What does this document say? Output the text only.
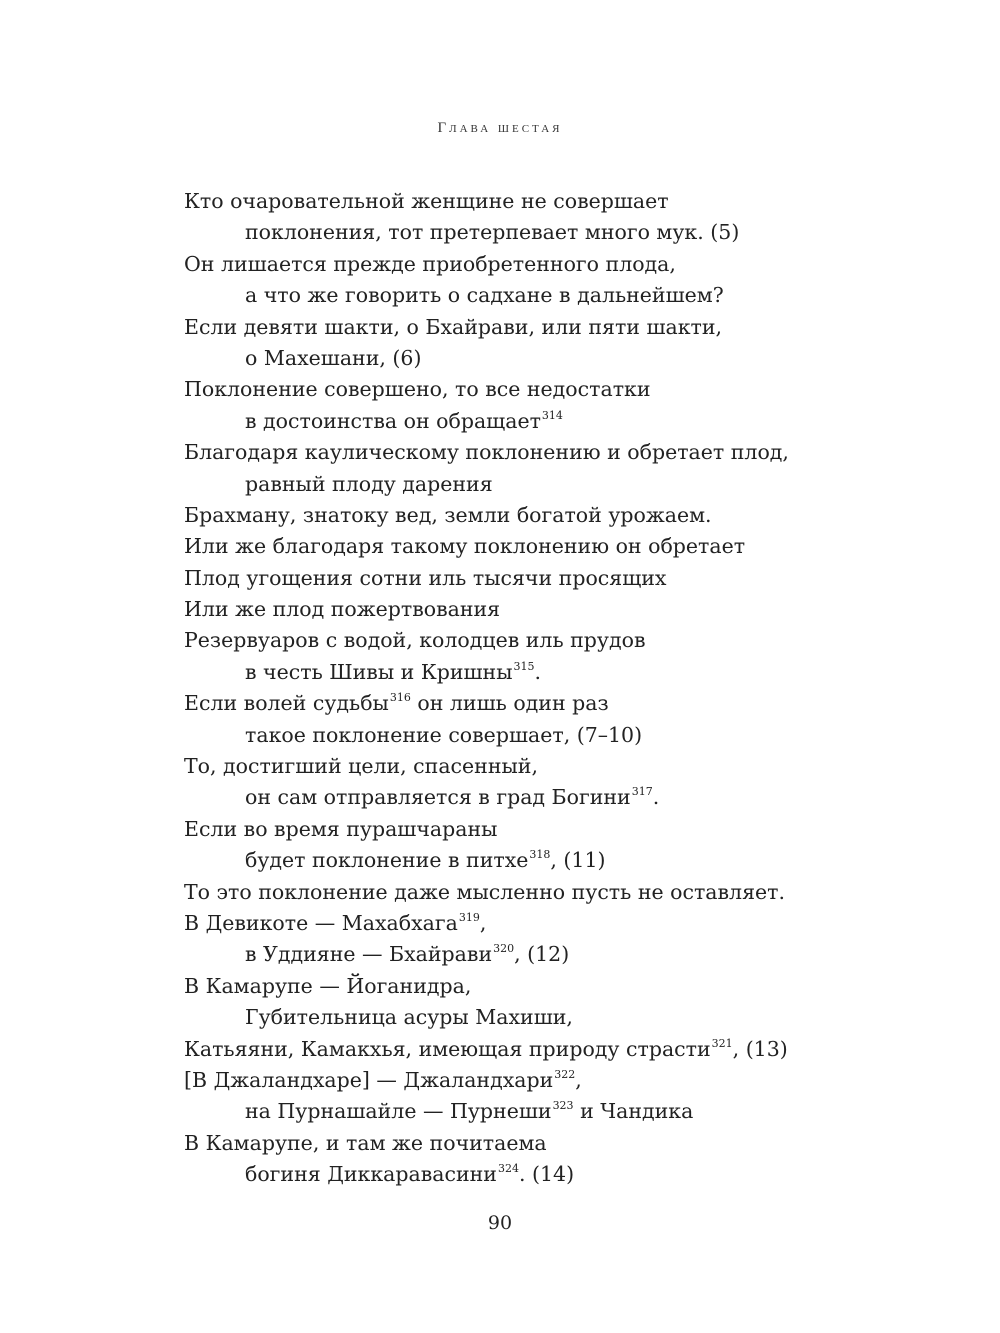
Глава шестая
Кто очаровательной женщине не совершает
поклонения, тот претерпевает много мук. (5)
Он лишается прежде приобретенного плода,
а что же говорить о садхане в дальнейшем?
Если девяти шакти, о Бхайрави, или пяти шакти,
о Махешани, (6)
Поклонение совершено, то все недостатки
в достоинства он обращает$^{314}$
Благодаря каулическому поклонению и обретает плод,
равный плоду дарения
Брахману, знатоку вед, земли богатой урожаем.
Или же благодаря такому поклонению он обретает
Плод угощения сотни иль тысячи просящих
Или же плод пожертвования
Резервуаров с водой, колодцев иль прудов
в честь Шивы и Кришны$^{315}$.
Если волей судьбы$^{316}$ он лишь один раз
такое поклонение совершает, (7–10)
То, достигший цели, спасенный,
он сам отправляется в град Богини$^{317}$.
Если во время пурашчараны
будет поклонение в питхе$^{318}$, (11)
То это поклонение даже мысленно пусть не оставляет.
В Девикоте — Махабхага$^{319}$,
в Уддияне — Бхайрави$^{320}$, (12)
В Камарупе — Йоганидра,
Губительница асуры Махиши,
Катьяяни, Камакхья, имеющая природу страсти$^{321}$, (13)
[В Джаландхаре] — Джаландхари$^{322}$,
на Пурнашайле — Пурнеши$^{323}$ и Чандика
В Камарупе, и там же почитаема
богиня Диккаравасини$^{324}$. (14)
90
